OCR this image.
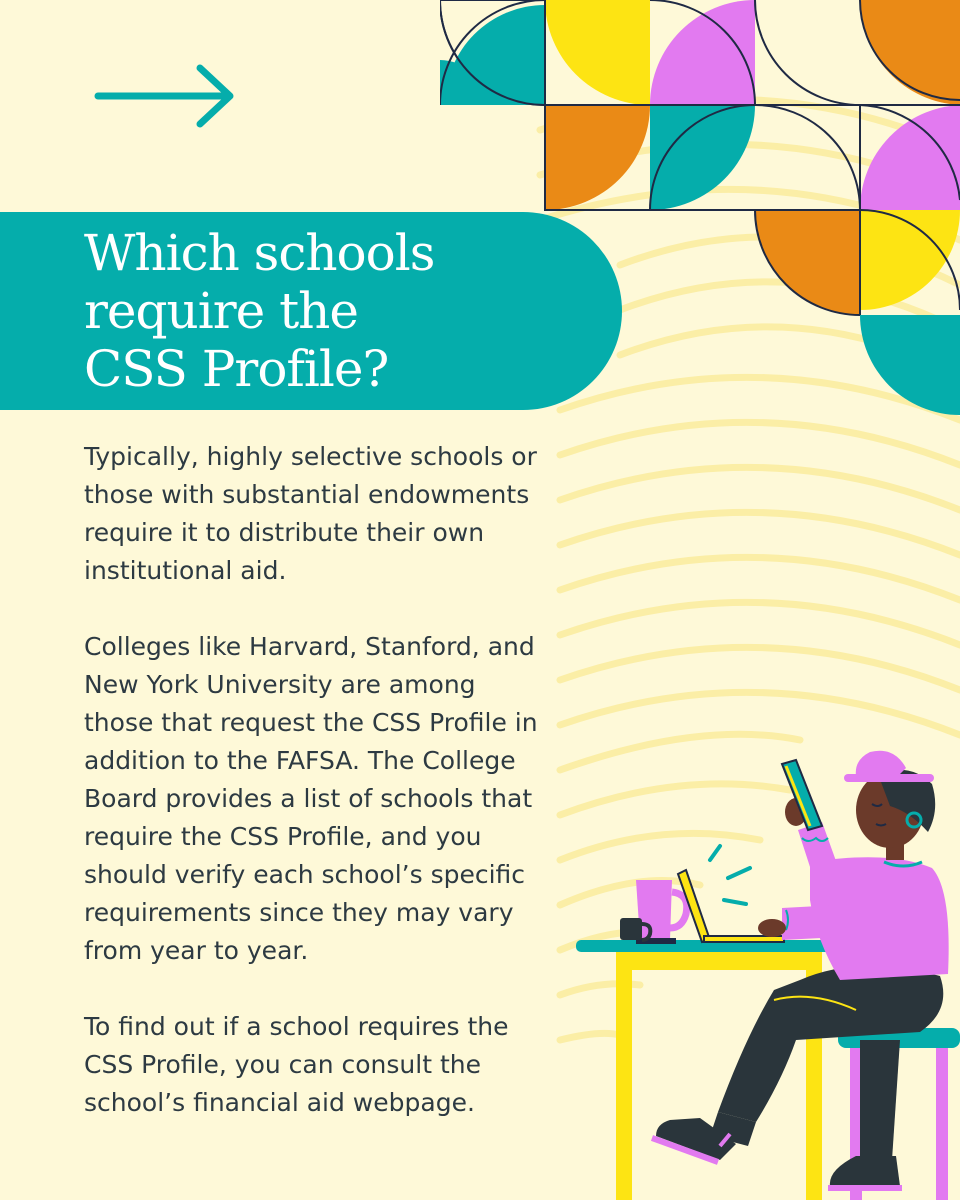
Which schools
require the
CSS Profile?

Typically, highly selective schools or
those with substantial endowments
require it to distribute their own
institutional aid.

Colleges like Harvard, Stanford, and
New York University are among
those that request the CSS Profile in
addition to the FAFSA. The College
Board provides a list of schools that
require the CSS Profile, and you
should verify each school’s specific
requirements since they may vary
from year to year.

To find out if a school requires the
CSS Profile, you can consult the
school’s financial aid webpage.
